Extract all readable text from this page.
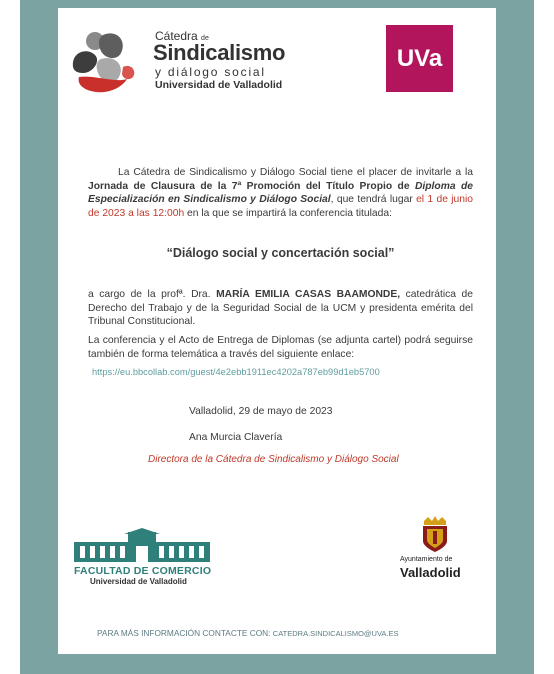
Cátedra de
Sindicalismo
y diálogo social
Universidad de Valladolid
UVa
La Cátedra de Sindicalismo y Diálogo Social tiene el placer de invitarle a la Jornada de Clausura de la 7ª Promoción del Título Propio de Diploma de Especialización en Sindicalismo y Diálogo Social, que tendrá lugar el 1 de junio de 2023 a las 12:00h en la que se impartirá la conferencia titulada:
“Diálogo social y concertación social”
a cargo de la profª. Dra. MARÍA EMILIA CASAS BAAMONDE, catedrática de Derecho del Trabajo y de la Seguridad Social de la UCM y presidenta emérita del Tribunal Constitucional.
La conferencia y el Acto de Entrega de Diplomas (se adjunta cartel) podrá seguirse también de forma telemática a través del siguiente enlace:
https://eu.bbcollab.com/guest/4e2ebb1911ec4202a787eb99d1eb5700
Valladolid, 29 de mayo de 2023
Ana Murcia Clavería
Directora de la Cátedra de Sindicalismo y Diálogo Social
FACULTAD DE COMERCIO
Universidad de Valladolid
Ayuntamiento de
Valladolid
PARA MÁS INFORMACIÓN CONTACTE CON: CATEDRA.SINDICALISMO@UVA.ES
